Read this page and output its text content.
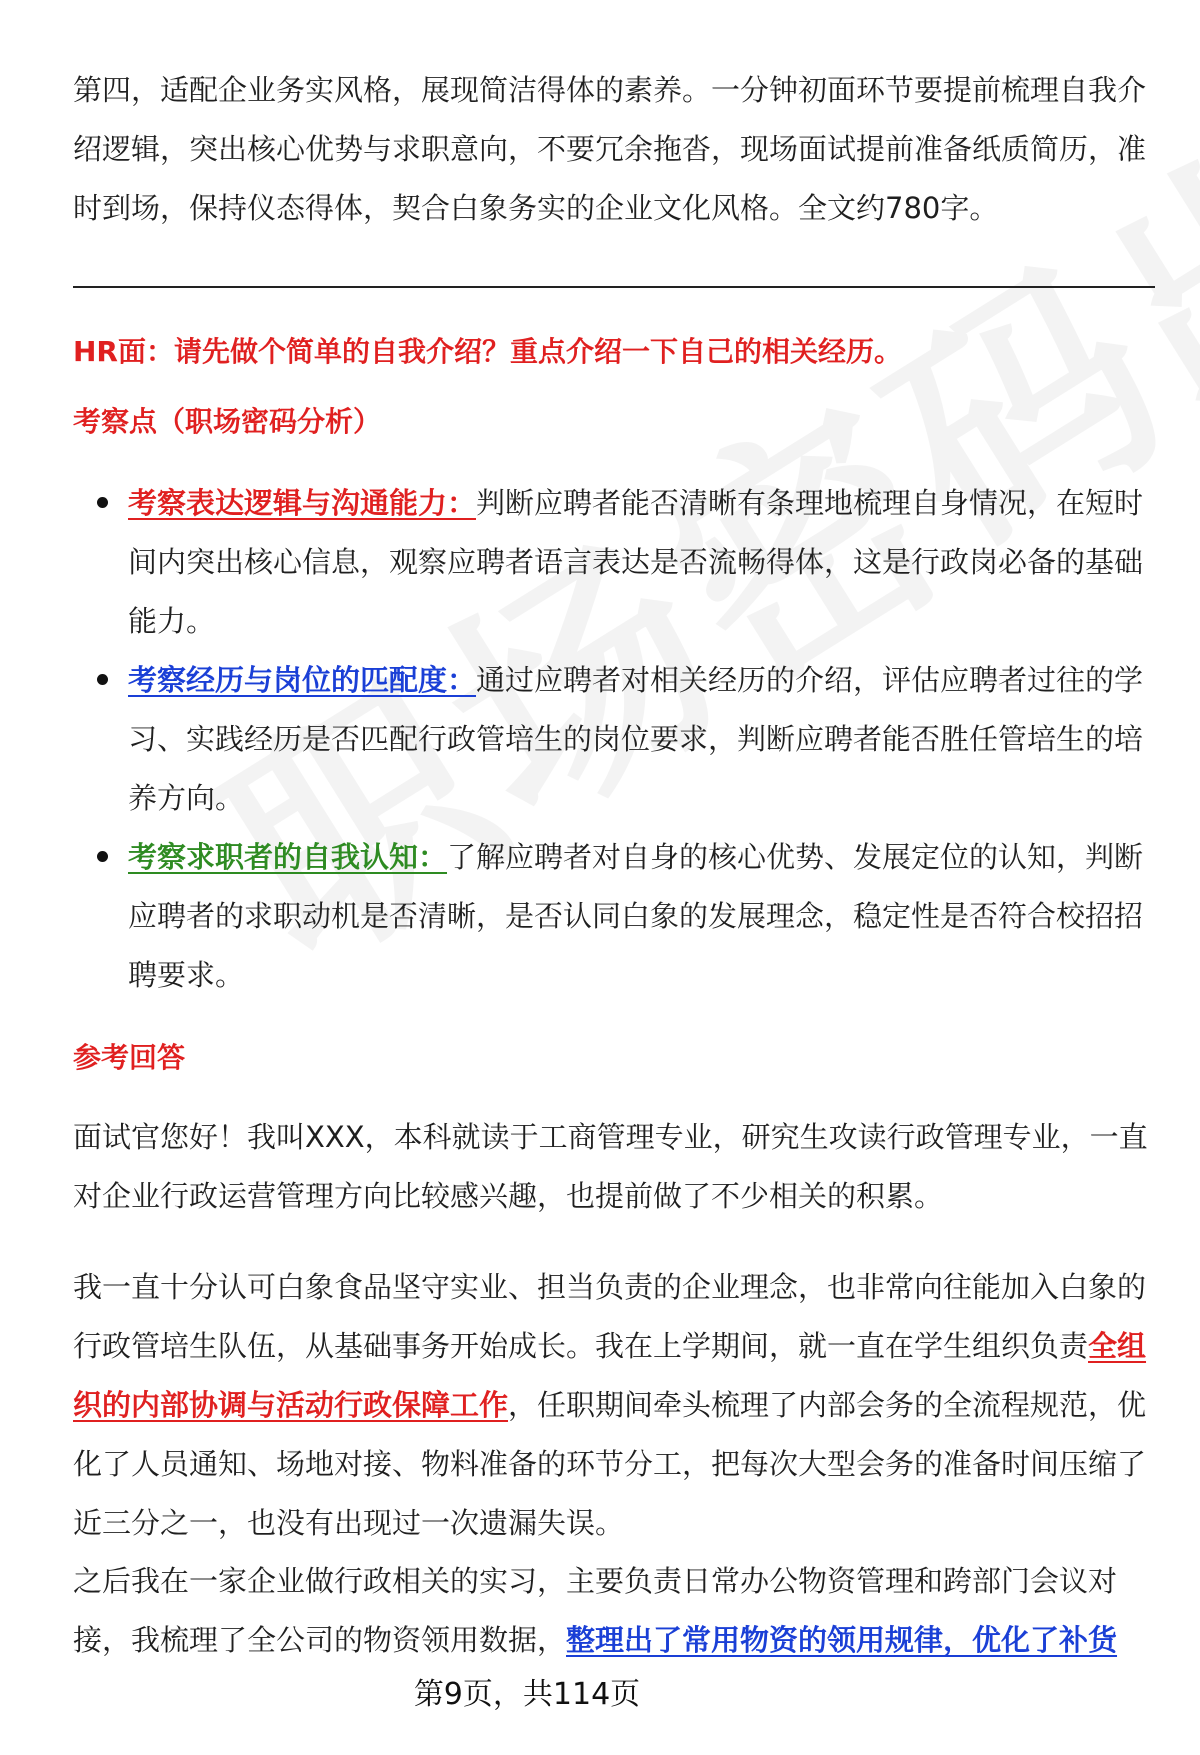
第四，适配企业务实风格，展现简洁得体的素养。一分钟初面环节要提前梳理自我介绍逻辑，突出核心优势与求职意向，不要冗余拖沓，现场面试提前准备纸质简历，准时到场，保持仪态得体，契合白象务实的企业文化风格。全文约780字。

HR面：请先做个简单的自我介绍？重点介绍一下自己的相关经历。
考察点（职场密码分析）
考察表达逻辑与沟通能力：判断应聘者能否清晰有条理地梳理自身情况，在短时间内突出核心信息，观察应聘者语言表达是否流畅得体，这是行政岗必备的基础能力。
考察经历与岗位的匹配度：通过应聘者对相关经历的介绍，评估应聘者过往的学习、实践经历是否匹配行政管培生的岗位要求，判断应聘者能否胜任管培生的培养方向。
考察求职者的自我认知：了解应聘者对自身的核心优势、发展定位的认知，判断应聘者的求职动机是否清晰，是否认同白象的发展理念，稳定性是否符合校招招聘要求。
参考回答

面试官您好！我叫XXX，本科就读于工商管理专业，研究生攻读行政管理专业，一直对企业行政运营管理方向比较感兴趣，也提前做了不少相关的积累。

我一直十分认可白象食品坚守实业、担当负责的企业理念，也非常向往能加入白象的行政管培生队伍，从基础事务开始成长。我在上学期间，就一直在学生组织负责全组织的内部协调与活动行政保障工作，任职期间牵头梳理了内部会务的全流程规范，优化了人员通知、场地对接、物料准备的环节分工，把每次大型会务的准备时间压缩了近三分之一，也没有出现过一次遗漏失误。

之后我在一家企业做行政相关的实习，主要负责日常办公物资管理和跨部门会议对接，我梳理了全公司的物资领用数据，整理出了常用物资的领用规律，优化了补货

第9页，共114页
